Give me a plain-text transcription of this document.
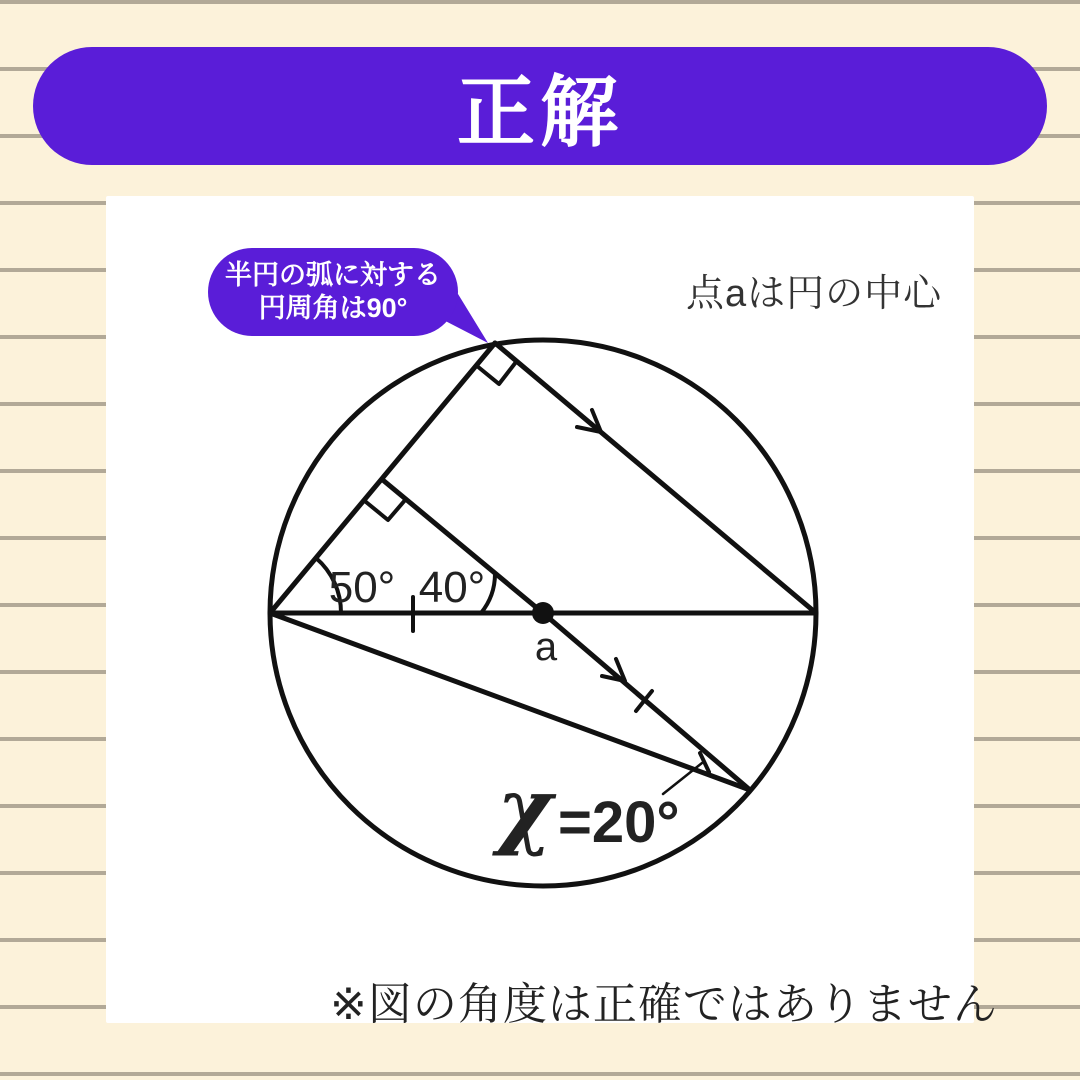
正解
50° 40°
a
χ =20°
半円の弧に対する
円周角は90°	点aは円の中心
※図の角度は正確ではありません
